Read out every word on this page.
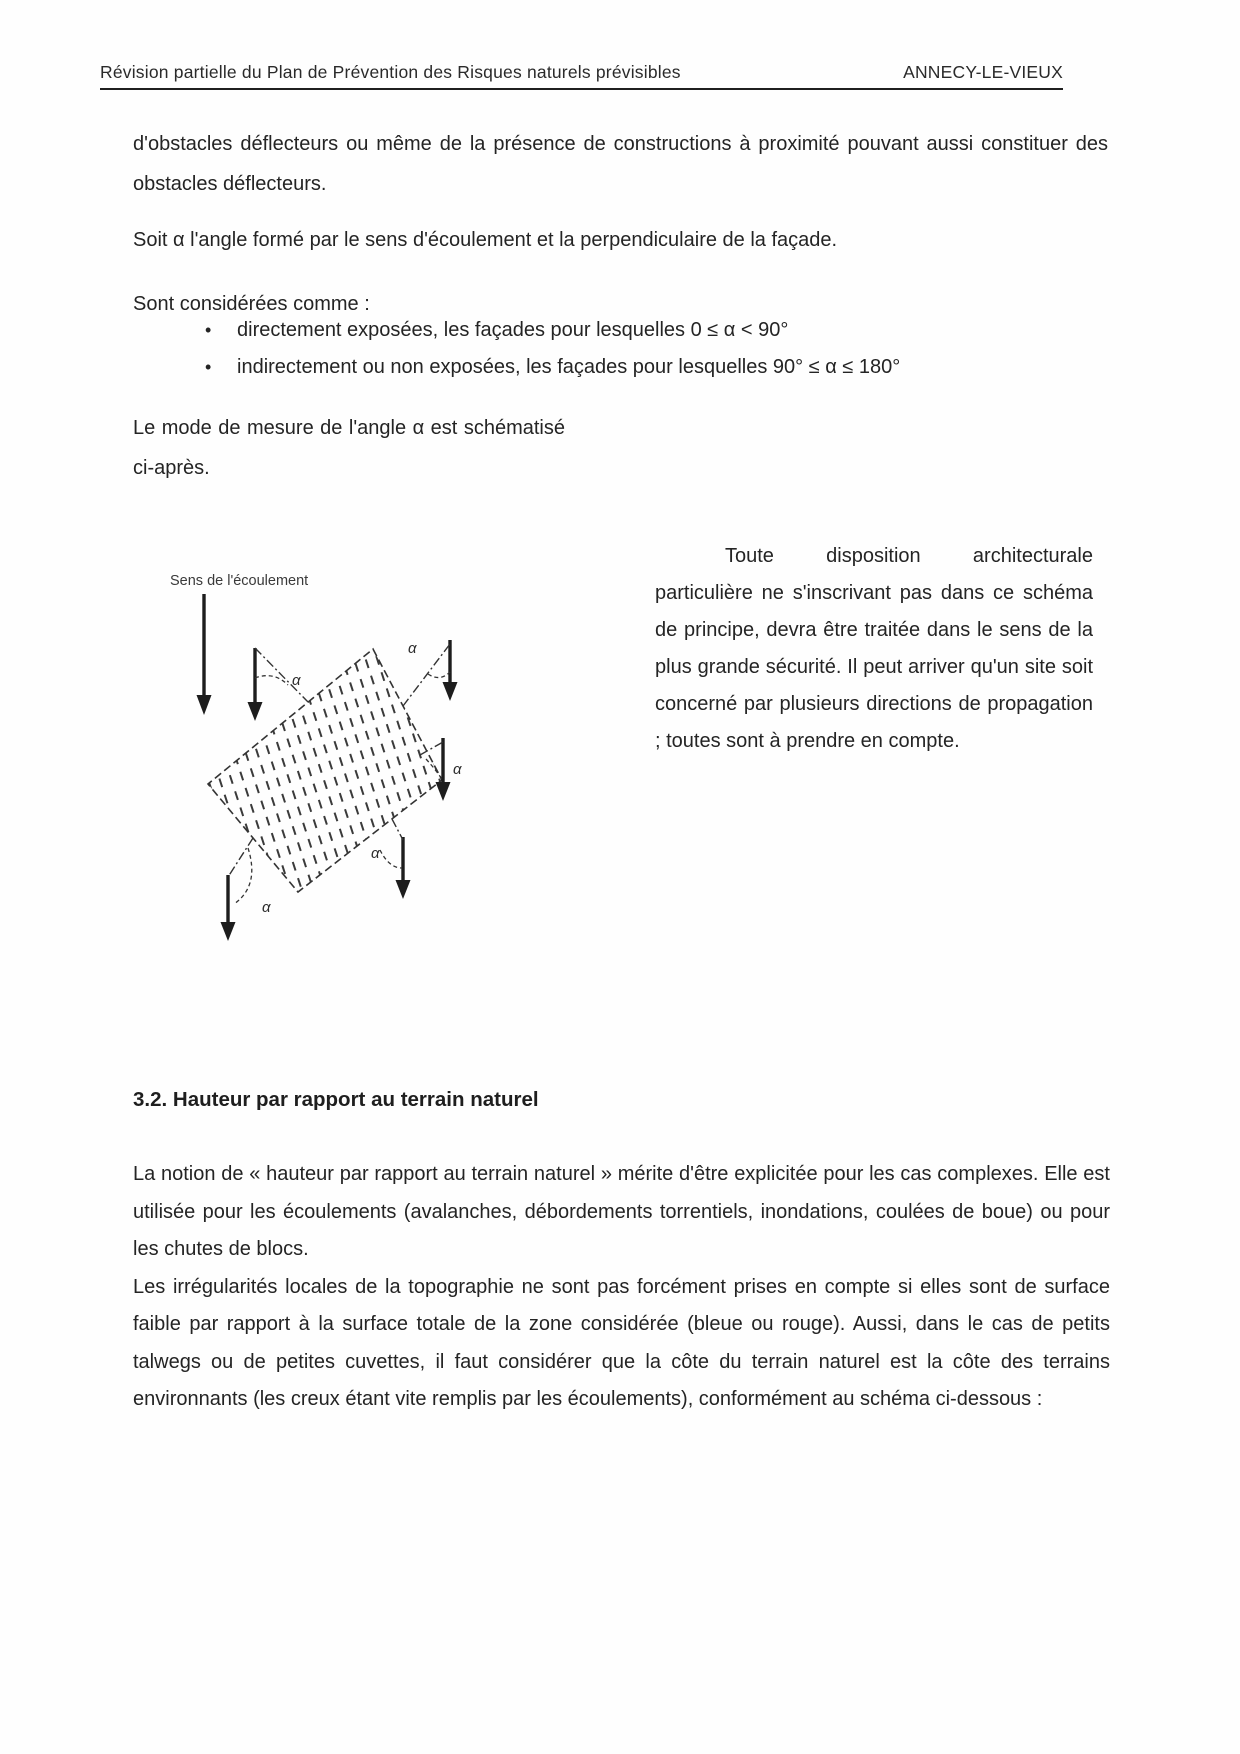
Révision partielle du Plan de Prévention des Risques naturels prévisibles	ANNECY-LE-VIEUX
d'obstacles déflecteurs ou même de la présence de constructions à proximité pouvant aussi constituer des obstacles déflecteurs.
Soit α l'angle formé par le sens d'écoulement et la perpendiculaire de la façade.
Sont considérées comme :
•	directement exposées, les façades pour lesquelles 0 ≤ α < 90°
•	indirectement ou non exposées, les façades pour lesquelles 90° ≤ α ≤ 180°
Le mode de mesure de l'angle α est schématisé ci-après.
Sens de l'écoulement
α
α
α
α
α
Toute disposition architecturale particulière ne s'inscrivant pas dans ce schéma de principe, devra être traitée dans le sens de la plus grande sécurité. Il peut arriver qu'un site soit concerné par plusieurs directions de propagation ; toutes sont à prendre en compte.
3.2. Hauteur par rapport au terrain naturel

La notion de « hauteur par rapport au terrain naturel » mérite d'être explicitée pour les cas complexes. Elle est utilisée pour les écoulements (avalanches, débordements torrentiels, inondations, coulées de boue) ou pour les chutes de blocs.

Les irrégularités locales de la topographie ne sont pas forcément prises en compte si elles sont de surface faible par rapport à la surface totale de la zone considérée (bleue ou rouge). Aussi, dans le cas de petits talwegs ou de petites cuvettes, il faut considérer que la côte du terrain naturel est la côte des terrains environnants (les creux étant vite remplis par les écoulements), conformément au schéma ci-dessous :
